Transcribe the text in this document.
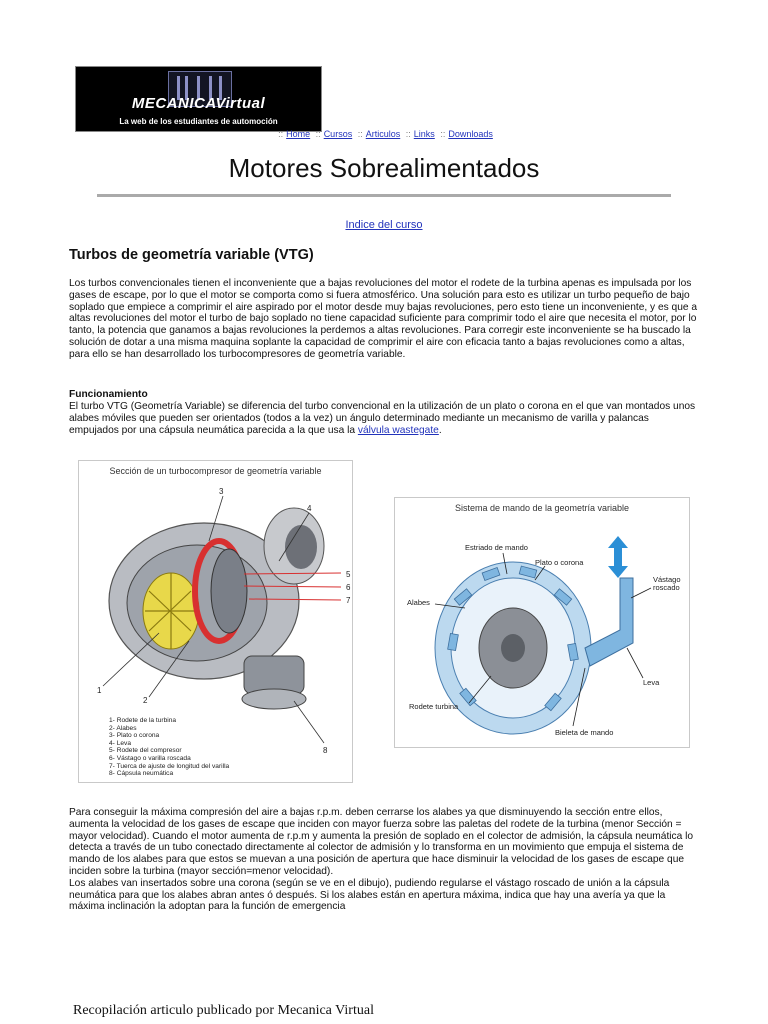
MECANICAVirtual
La web de los estudiantes de automoción
:: Home :: Cursos :: Articulos :: Links :: Downloads
Motores Sobrealimentados
Indice del curso
Turbos de geometría variable (VTG)
Los turbos convencionales tienen el inconveniente que a bajas revoluciones del motor el rodete de la turbina apenas es impulsada por los gases de escape, por lo que el motor se comporta como si fuera atmosférico. Una solución para esto es utilizar un turbo pequeño de bajo soplado que empiece a comprimir el aire aspirado por el motor desde muy bajas revoluciones, pero esto tiene un inconveniente, y es que a altas revoluciones del motor el turbo de bajo soplado no tiene capacidad suficiente para comprimir todo el aire que necesita el motor, por lo tanto, la potencia que ganamos a bajas revoluciones la perdemos a altas revoluciones. Para corregir este inconveniente se ha buscado la solución de dotar a una misma maquina soplante la capacidad de comprimir el aire con eficacia tanto a bajas revoluciones como a altas, para ello se han desarrollado los turbocompresores de geometría variable.
Funcionamiento
El turbo VTG (Geometría Variable) se diferencia del turbo convencional en la utilización de un plato o corona en el que van montados unos alabes móviles que pueden ser orientados (todos a la vez) un ángulo determinado mediante un mecanismo de varilla y palancas empujados por una cápsula neumática parecida a la que usa la válvula wastegate.
Sección de un turbocompresor de geometría variable
3
4
5
6
7
1
2
8
1- Rodete de la turbina
2- Alabes
3- Plato o corona
4- Leva
5- Rodete del compresor
6- Vástago o varilla roscada
7- Tuerca de ajuste de longitud del varilla
8- Cápsula neumática
Sistema de mando de la geometría variable
Estriado de mando
Plato o corona
Vástago roscado
Alabes
Leva
Rodete turbina
Bieleta de mando
Para conseguir la máxima compresión del aire a bajas r.p.m. deben cerrarse los alabes ya que disminuyendo la sección entre ellos, aumenta la velocidad de los gases de escape que inciden con mayor fuerza sobre las paletas del rodete de la turbina (menor Sección = mayor velocidad). Cuando el motor aumenta de r.p.m y aumenta la presión de soplado en el colector de admisión, la cápsula neumática lo detecta a través de un tubo conectado directamente al colector de admisión y lo transforma en un movimiento que empuja el sistema de mando de los alabes para que estos se muevan a una posición de apertura que hace disminuir la velocidad de los gases de escape que inciden sobre la turbina (mayor sección=menor velocidad).
Los alabes van insertados sobre una corona (según se ve en el dibujo), pudiendo regularse el vástago roscado de unión a la cápsula neumática para que los alabes abran antes ó después. Si los alabes están en apertura máxima, indica que hay una avería ya que la máxima inclinación la adoptan para la función de emergencia
Recopilación articulo publicado por Mecanica Virtual
